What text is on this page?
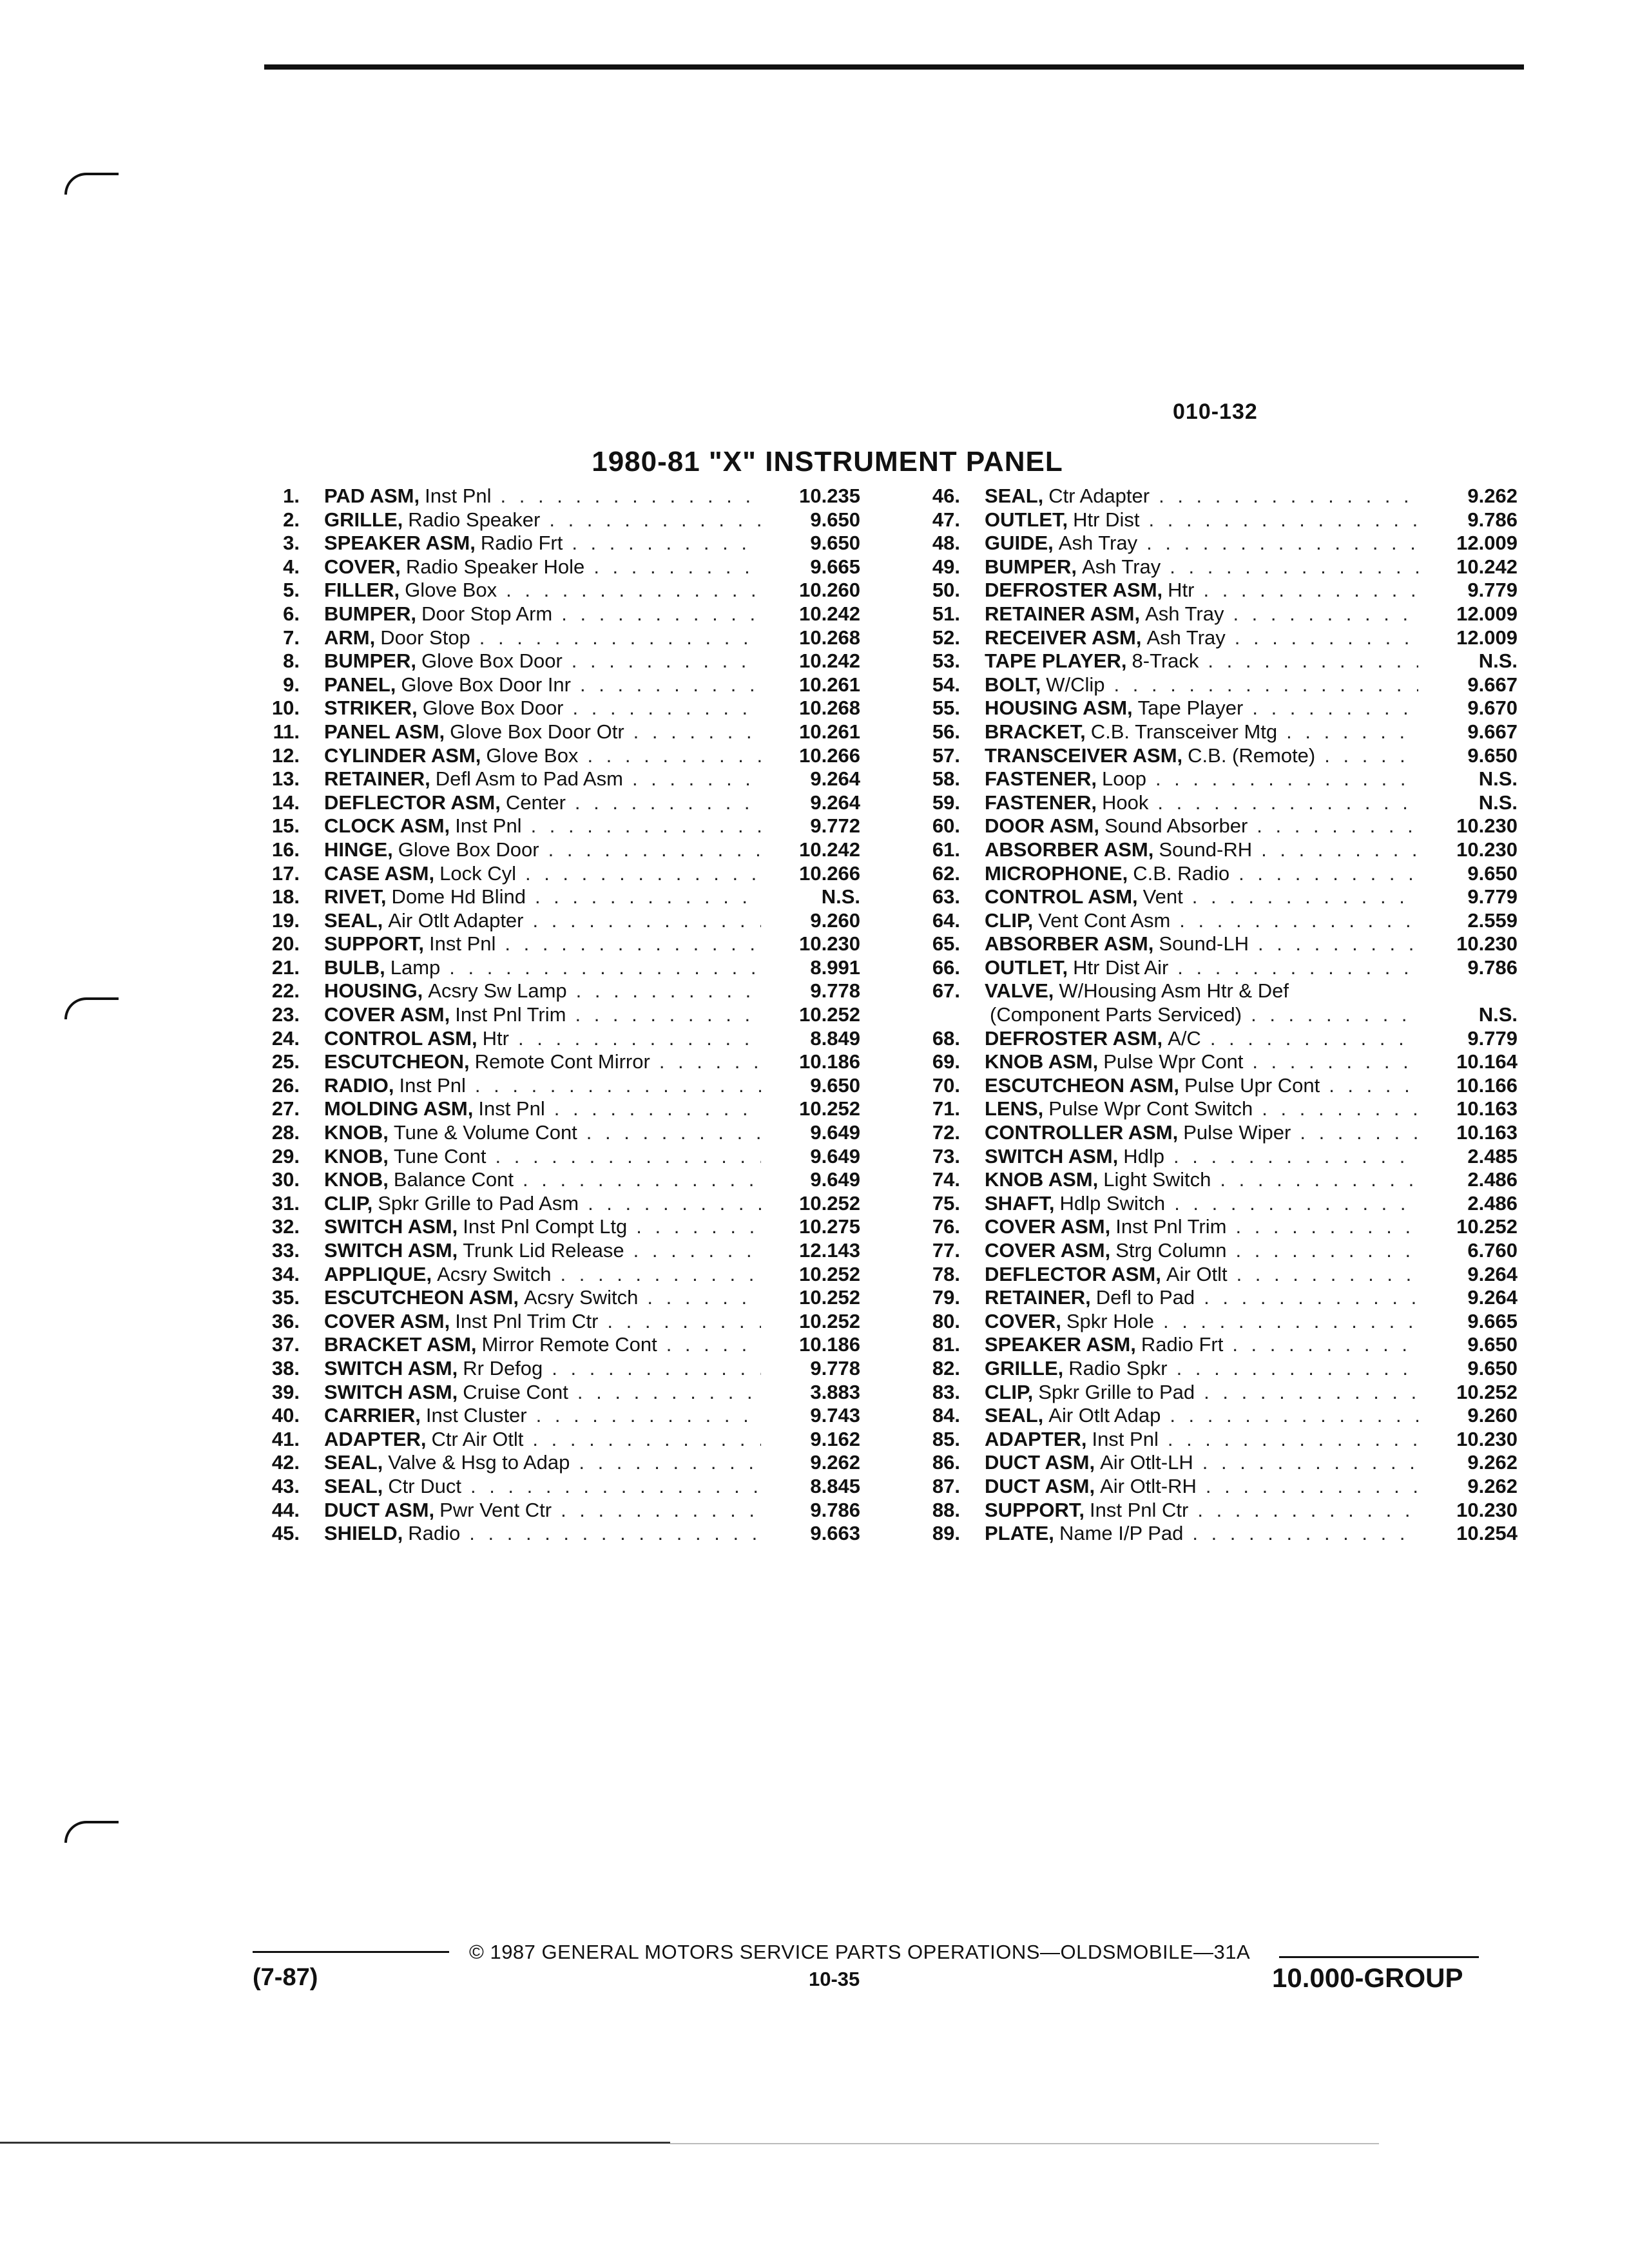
010-132
1980-81 "X" INSTRUMENT PANEL
1. PAD ASM, Inst Pnl . . .	10.235
2. GRILLE, Radio Speaker . . .	9.650
3. SPEAKER ASM, Radio Frt . . .	9.650
4. COVER, Radio Speaker Hole . . .	9.665
5. FILLER, Glove Box . . .	10.260
6. BUMPER, Door Stop Arm . . .	10.242
7. ARM, Door Stop . . .	10.268
8. BUMPER, Glove Box Door . . .	10.242
9. PANEL, Glove Box Door Inr . . .	10.261
10. STRIKER, Glove Box Door . . .	10.268
11. PANEL ASM, Glove Box Door Otr . . .	10.261
12. CYLINDER ASM, Glove Box . . .	10.266
13. RETAINER, Defl Asm to Pad Asm . . .	9.264
14. DEFLECTOR ASM, Center . . .	9.264
15. CLOCK ASM, Inst Pnl . . .	9.772
16. HINGE, Glove Box Door . . .	10.242
17. CASE ASM, Lock Cyl . . .	10.266
18. RIVET, Dome Hd Blind . . .	N.S.
19. SEAL, Air Otlt Adapter . . .	9.260
20. SUPPORT, Inst Pnl . . .	10.230
21. BULB, Lamp . . .	8.991
22. HOUSING, Acsry Sw Lamp . . .	9.778
23. COVER ASM, Inst Pnl Trim . . .	10.252
24. CONTROL ASM, Htr . . .	8.849
25. ESCUTCHEON, Remote Cont Mirror . . .	10.186
26. RADIO, Inst Pnl . . .	9.650
27. MOLDING ASM, Inst Pnl . . .	10.252
28. KNOB, Tune & Volume Cont . . .	9.649
29. KNOB, Tune Cont . . .	9.649
30. KNOB, Balance Cont . . .	9.649
31. CLIP, Spkr Grille to Pad Asm . . .	10.252
32. SWITCH ASM, Inst Pnl Compt Ltg . . .	10.275
33. SWITCH ASM, Trunk Lid Release . . .	12.143
34. APPLIQUE, Acsry Switch . . .	10.252
35. ESCUTCHEON ASM, Acsry Switch . . .	10.252
36. COVER ASM, Inst Pnl Trim Ctr . . .	10.252
37. BRACKET ASM, Mirror Remote Cont . . .	10.186
38. SWITCH ASM, Rr Defog . . .	9.778
39. SWITCH ASM, Cruise Cont . . .	3.883
40. CARRIER, Inst Cluster . . .	9.743
41. ADAPTER, Ctr Air Otlt . . .	9.162
42. SEAL, Valve & Hsg to Adap . . .	9.262
43. SEAL, Ctr Duct . . .	8.845
44. DUCT ASM, Pwr Vent Ctr . . .	9.786
45. SHIELD, Radio . . .	9.663
46. SEAL, Ctr Adapter . . .	9.262
47. OUTLET, Htr Dist . . .	9.786
48. GUIDE, Ash Tray . . .	12.009
49. BUMPER, Ash Tray . . .	10.242
50. DEFROSTER ASM, Htr . . .	9.779
51. RETAINER ASM, Ash Tray . . .	12.009
52. RECEIVER ASM, Ash Tray . . .	12.009
53. TAPE PLAYER, 8-Track . . .	N.S.
54. BOLT, W/Clip . . .	9.667
55. HOUSING ASM, Tape Player . . .	9.670
56. BRACKET, C.B. Transceiver Mtg . . .	9.667
57. TRANSCEIVER ASM, C.B. (Remote) . . .	9.650
58. FASTENER, Loop . . .	N.S.
59. FASTENER, Hook . . .	N.S.
60. DOOR ASM, Sound Absorber . . .	10.230
61. ABSORBER ASM, Sound-RH . . .	10.230
62. MICROPHONE, C.B. Radio . . .	9.650
63. CONTROL ASM, Vent . . .	9.779
64. CLIP, Vent Cont Asm . . .	2.559
65. ABSORBER ASM, Sound-LH . . .	10.230
66. OUTLET, Htr Dist Air . . .	9.786
67. VALVE, W/Housing Asm Htr & Def
(Component Parts Serviced) . . .	N.S.
68. DEFROSTER ASM, A/C . . .	9.779
69. KNOB ASM, Pulse Wpr Cont . . .	10.164
70. ESCUTCHEON ASM, Pulse Upr Cont . . .	10.166
71. LENS, Pulse Wpr Cont Switch . . .	10.163
72. CONTROLLER ASM, Pulse Wiper . . .	10.163
73. SWITCH ASM, Hdlp . . .	2.485
74. KNOB ASM, Light Switch . . .	2.486
75. SHAFT, Hdlp Switch . . .	2.486
76. COVER ASM, Inst Pnl Trim . . .	10.252
77. COVER ASM, Strg Column . . .	6.760
78. DEFLECTOR ASM, Air Otlt . . .	9.264
79. RETAINER, Defl to Pad . . .	9.264
80. COVER, Spkr Hole . . .	9.665
81. SPEAKER ASM, Radio Frt . . .	9.650
82. GRILLE, Radio Spkr . . .	9.650
83. CLIP, Spkr Grille to Pad . . .	10.252
84. SEAL, Air Otlt Adap . . .	9.260
85. ADAPTER, Inst Pnl . . .	10.230
86. DUCT ASM, Air Otlt-LH . . .	9.262
87. DUCT ASM, Air Otlt-RH . . .	9.262
88. SUPPORT, Inst Pnl Ctr . . .	10.230
89. PLATE, Name I/P Pad . . .	10.254
© 1987 GENERAL MOTORS SERVICE PARTS OPERATIONS—OLDSMOBILE—31A
(7-87)	10-35	10.000-GROUP
